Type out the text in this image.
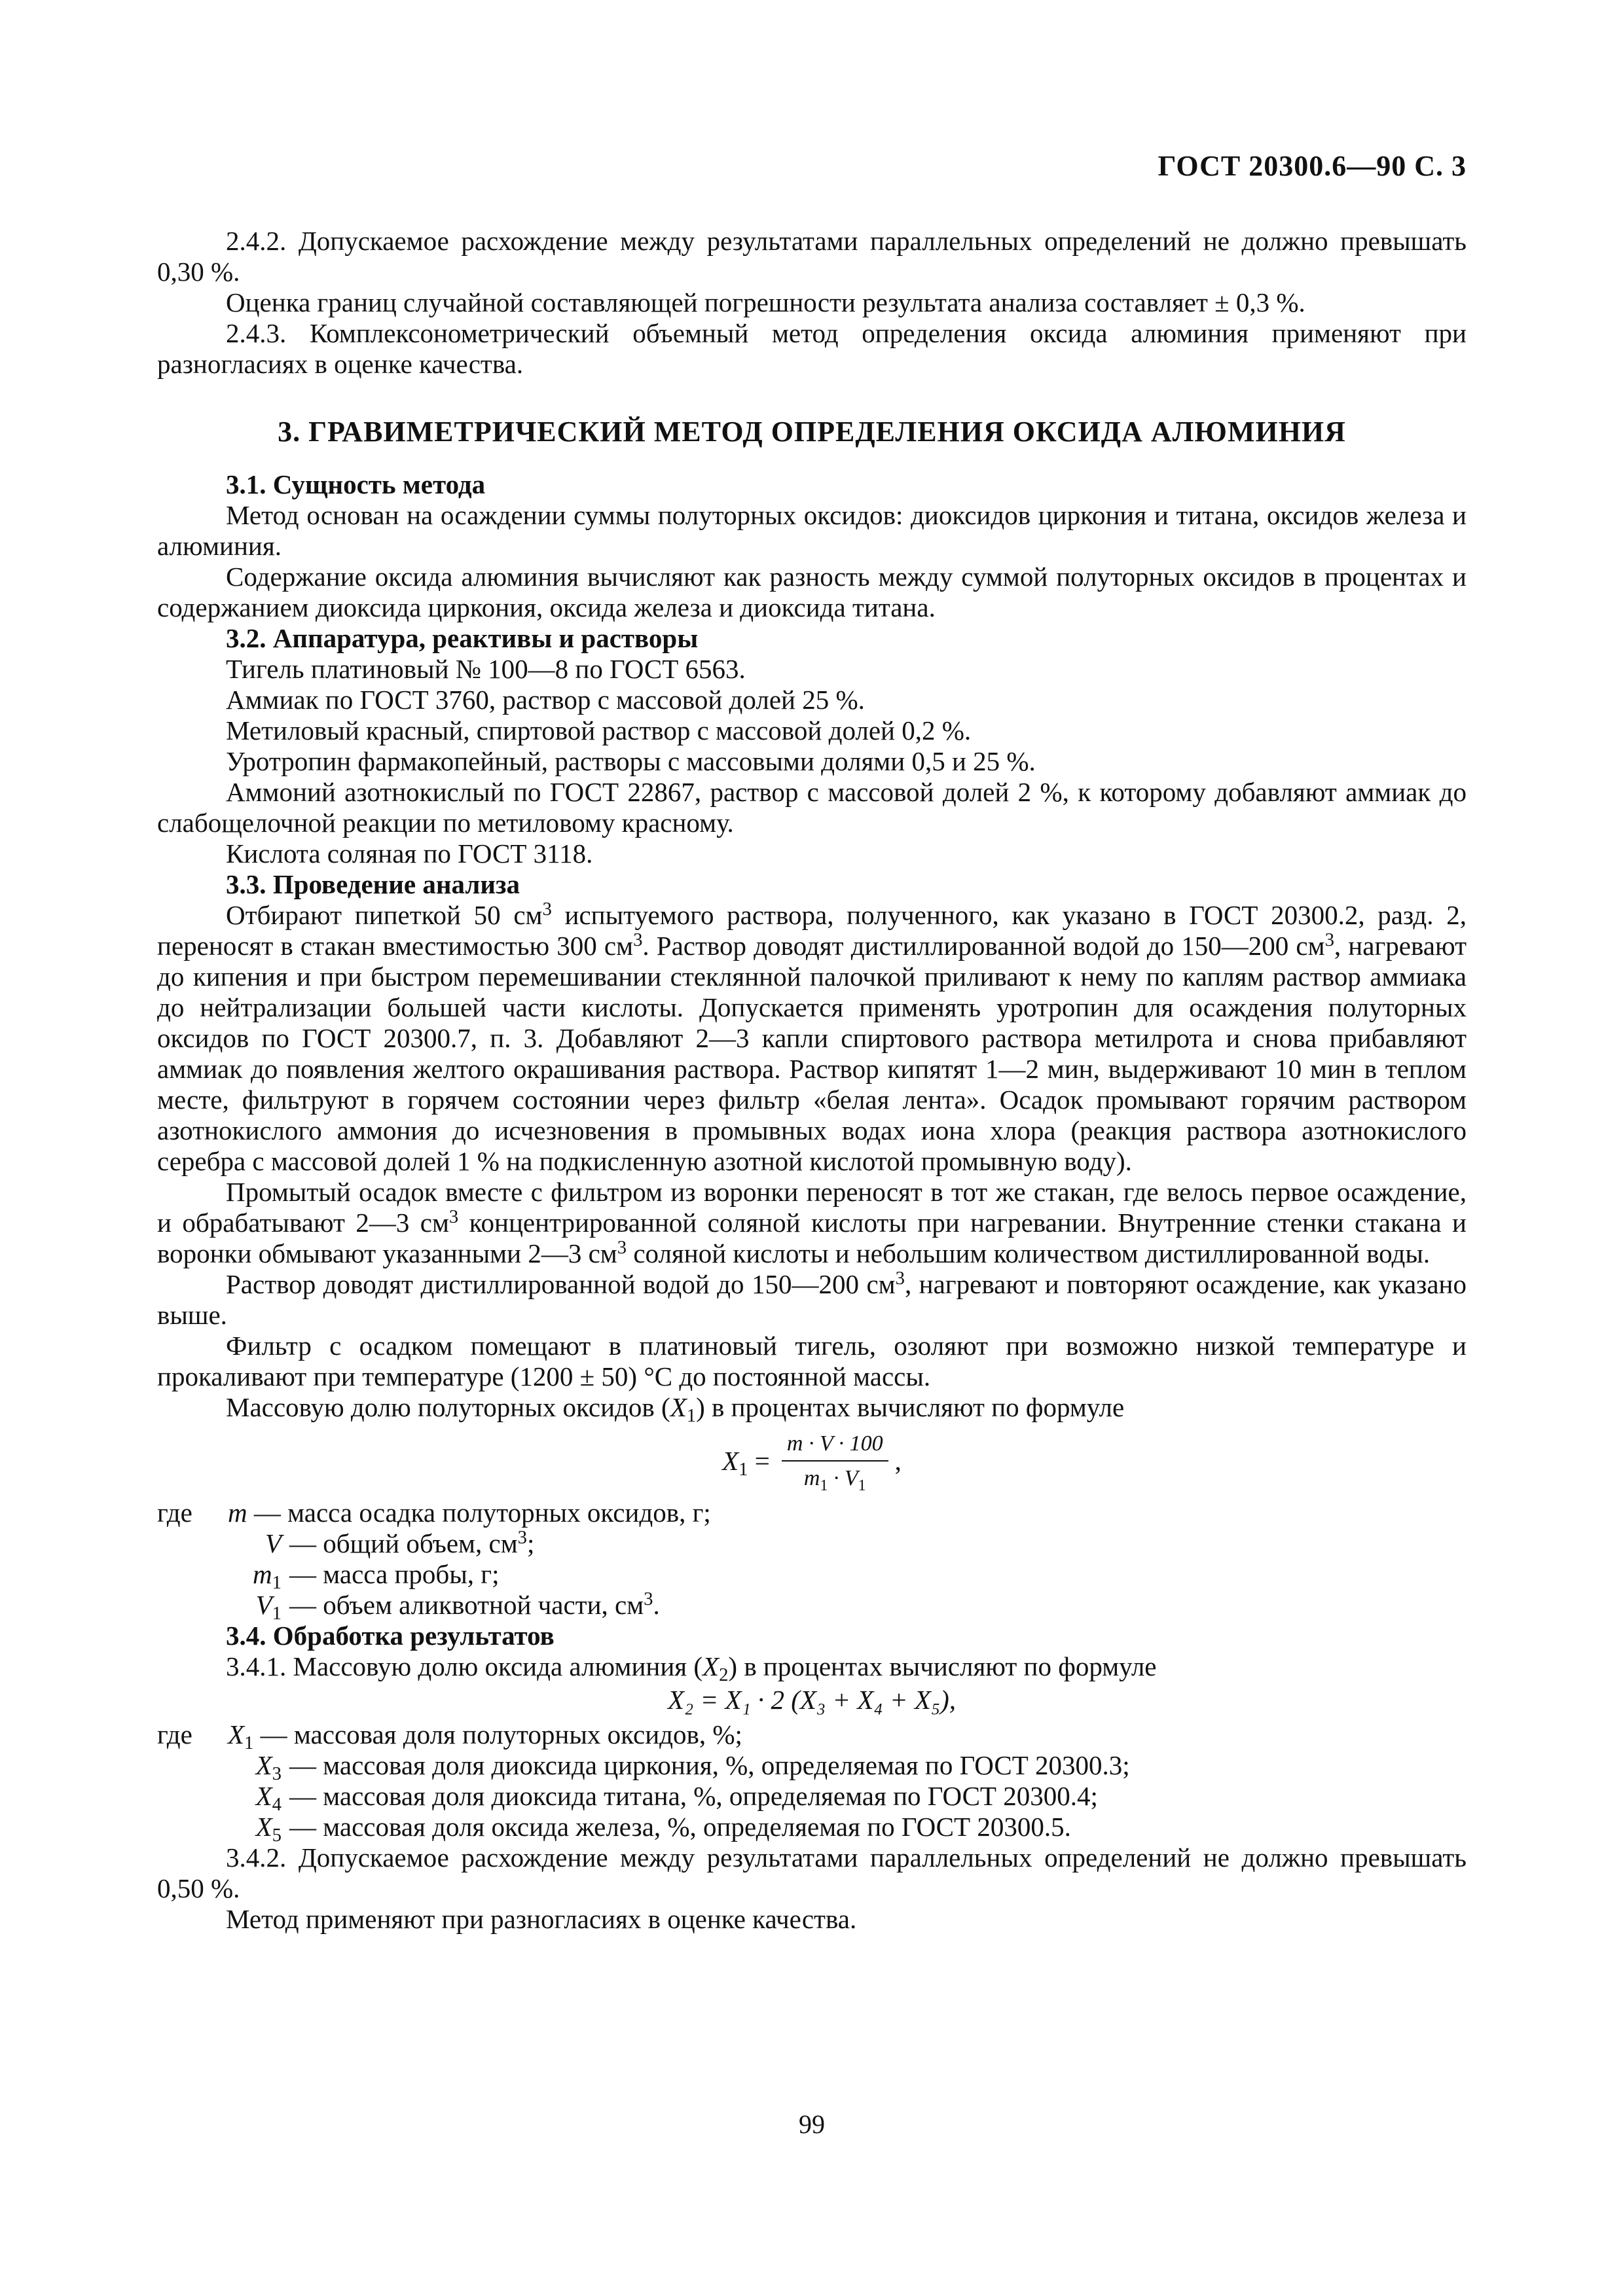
ГОСТ 20300.6—90 С. 3

2.4.2. Допускаемое расхождение между результатами параллельных определений не должно превышать 0,30 %.

Оценка границ случайной составляющей погрешности результата анализа составляет ± 0,3 %.

2.4.3. Комплексонометрический объемный метод определения оксида алюминия применяют при разногласиях в оценке качества.

3. ГРАВИМЕТРИЧЕСКИЙ МЕТОД ОПРЕДЕЛЕНИЯ ОКСИДА АЛЮМИНИЯ

3.1. Сущность метода

Метод основан на осаждении суммы полуторных оксидов: диоксидов циркония и титана, оксидов железа и алюминия.

Содержание оксида алюминия вычисляют как разность между суммой полуторных оксидов в процентах и содержанием диоксида циркония, оксида железа и диоксида титана.

3.2. Аппаратура, реактивы и растворы

Тигель платиновый № 100—8 по ГОСТ 6563.

Аммиак по ГОСТ 3760, раствор с массовой долей 25 %.

Метиловый красный, спиртовой раствор с массовой долей 0,2 %.

Уротропин фармакопейный, растворы с массовыми долями 0,5 и 25 %.

Аммоний азотнокислый по ГОСТ 22867, раствор с массовой долей 2 %, к которому добавляют аммиак до слабощелочной реакции по метиловому красному.

Кислота соляная по ГОСТ 3118.

3.3. Проведение анализа

Отбирают пипеткой 50 $см^3$ испытуемого раствора, полученного, как указано в ГОСТ 20300.2, разд. 2, переносят в стакан вместимостью 300 $см^3$. Раствор доводят дистиллированной водой до 150—200 $см^3$, нагревают до кипения и при быстром перемешивании стеклянной палочкой приливают к нему по каплям раствор аммиака до нейтрализации большей части кислоты. Допускается применять уротропин для осаждения полуторных оксидов по ГОСТ 20300.7, п. 3. Добавляют 2—3 капли спиртового раствора метилрота и снова прибавляют аммиак до появления желтого окрашивания раствора. Раствор кипятят 1—2 мин, выдерживают 10 мин в теплом месте, фильтруют в горячем состоянии через фильтр «белая лента». Осадок промывают горячим раствором азотнокислого аммония до исчезновения в промывных водах иона хлора (реакция раствора азотнокислого серебра с массовой долей 1 % на подкисленную азотной кислотой промывную воду).

Промытый осадок вместе с фильтром из воронки переносят в тот же стакан, где велось первое осаждение, и обрабатывают 2—3 $см^3$ концентрированной соляной кислоты при нагревании. Внутренние стенки стакана и воронки обмывают указанными 2—3 $см^3$ соляной кислоты и небольшим количеством дистиллированной воды.

Раствор доводят дистиллированной водой до 150—200 $см^3$, нагревают и повторяют осаждение, как указано выше.

Фильтр с осадком помещают в платиновый тигель, озоляют при возможно низкой температуре и прокаливают при температуре (1200 ± 50) °С до постоянной массы.

Массовую долю полуторных оксидов $(X_1)$ в процентах вычисляют по формуле

$X_1 = \frac{m \cdot V \cdot 100}{m_1 \cdot V_1}$ ,
где	m — масса осадка полуторных оксидов, г;
V — общий объем, $см^3$;
$m_1$ — масса пробы, г;
$V_1$ — объем аликвотной части, $см^3$.

3.4. Обработка результатов

3.4.1. Массовую долю оксида алюминия $(X_2)$ в процентах вычисляют по формуле

X₂ = X₁ · 2 (X₃ + X₄ + X₅),
где	$X_1$ — массовая доля полуторных оксидов, %;
$X_3$ — массовая доля диоксида циркония, %, определяемая по ГОСТ 20300.3;
$X_4$ — массовая доля диоксида титана, %, определяемая по ГОСТ 20300.4;
$X_5$ — массовая доля оксида железа, %, определяемая по ГОСТ 20300.5.

3.4.2. Допускаемое расхождение между результатами параллельных определений не должно превышать 0,50 %.

Метод применяют при разногласиях в оценке качества.

99
